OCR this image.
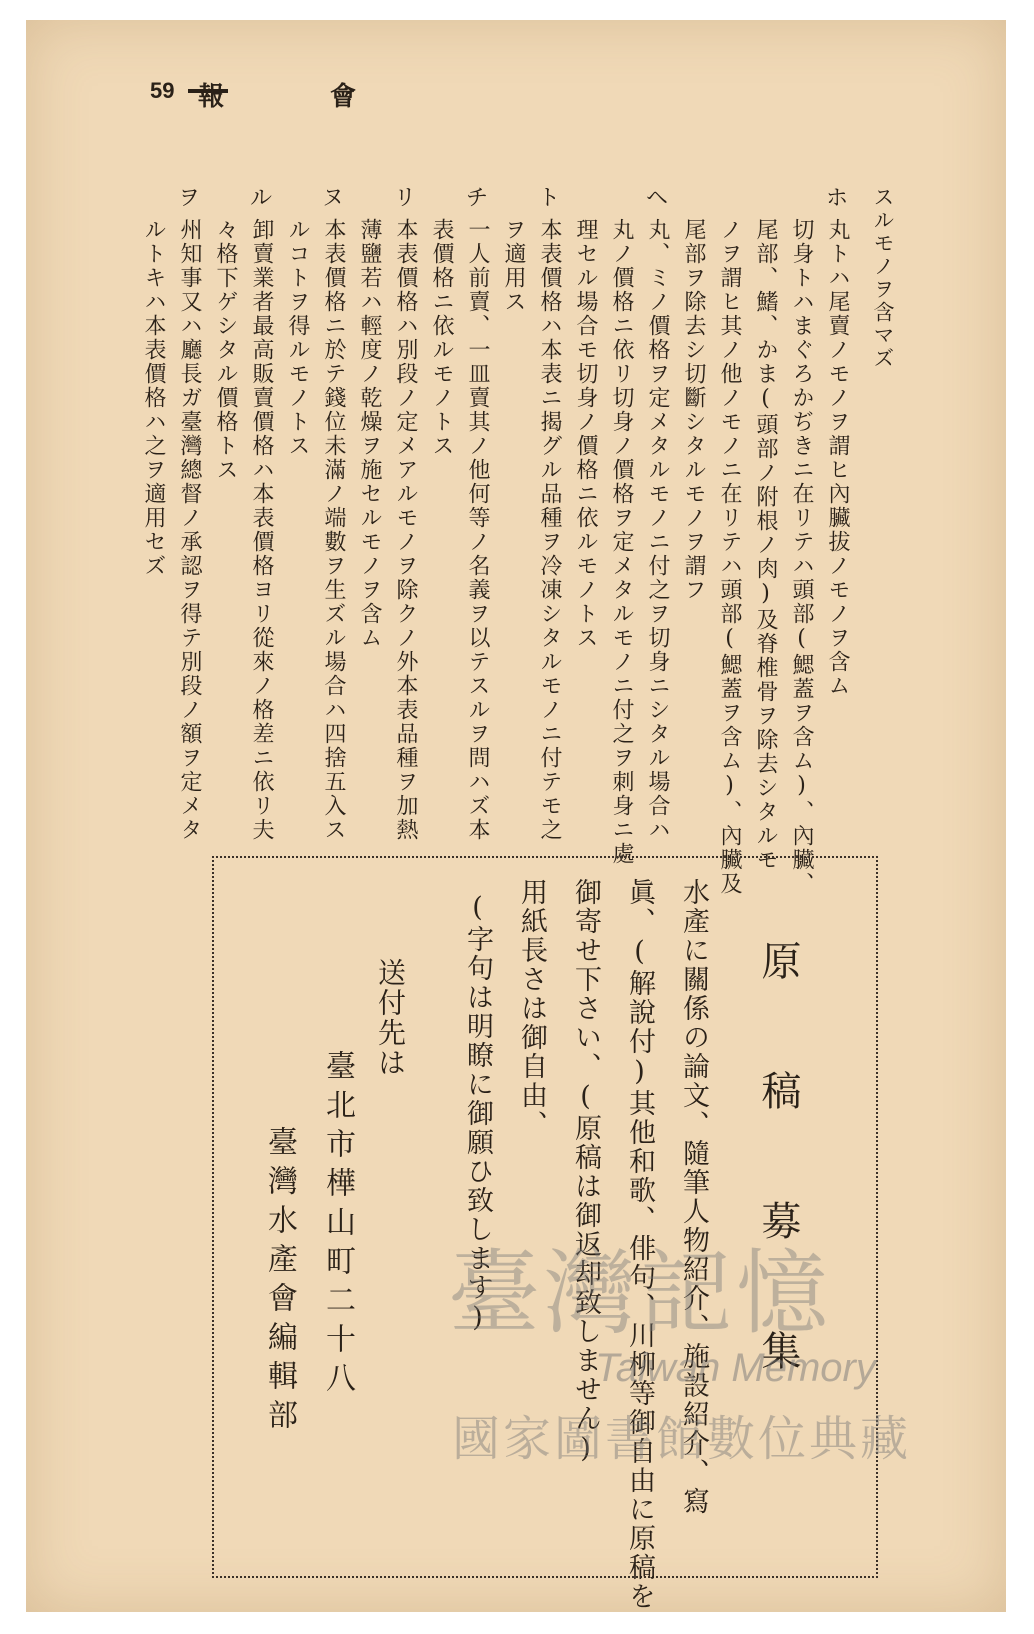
59 報	會
スルモノヲ含マズ
ホ
丸トハ尾賣ノモノヲ謂ヒ內臟拔ノモノヲ含ム
切身トハまぐろかぢきニ在リテハ頭部(鰓蓋ヲ含ム)、內臟、
尾部、鰭、かま(頭部ノ附根ノ肉)及脊椎骨ヲ除去シタルモ
ノヲ謂ヒ其ノ他ノモノニ在リテハ頭部(鰓蓋ヲ含ム)、內臟及
尾部ヲ除去シ切斷シタルモノヲ謂フ
ヘ
丸、ミノ價格ヲ定メタルモノニ付之ヲ切身ニシタル場合ハ
丸ノ價格ニ依リ切身ノ價格ヲ定メタルモノニ付之ヲ刺身ニ處
理セル場合モ切身ノ價格ニ依ルモノトス
ト
本表價格ハ本表ニ揭グル品種ヲ冷凍シタルモノニ付テモ之
ヲ適用ス
チ
一人前賣、一皿賣其ノ他何等ノ名義ヲ以テスルヲ問ハズ本
表價格ニ依ルモノトス
リ
本表價格ハ別段ノ定メアルモノヲ除クノ外本表品種ヲ加熱
薄鹽若ハ輕度ノ乾燥ヲ施セルモノヲ含ム
ヌ
本表價格ニ於テ錢位未滿ノ端數ヲ生ズル場合ハ四捨五入ス
ルコトヲ得ルモノトス
ル
卸賣業者最高販賣價格ハ本表價格ヨリ從來ノ格差ニ依リ夫
々格下ゲシタル價格トス
ヲ
州知事又ハ廳長ガ臺灣總督ノ承認ヲ得テ別段ノ額ヲ定メタ
ルトキハ本表價格ハ之ヲ適用セズ
原 稿 募 集
水產に關係の論文、隨筆人物紹介、施設紹介、寫
眞、(解說付)其他和歌、俳句、川柳等御自由に原稿を
御寄せ下さい、(原稿は御返却致しません)
用紙長さは御自由、
(字句は明瞭に御願ひ致します)
送付先は
臺北市樺山町二十八
臺灣水產會編輯部 臺灣記憶
Taiwan Memory
國家圖書館數位典藏
